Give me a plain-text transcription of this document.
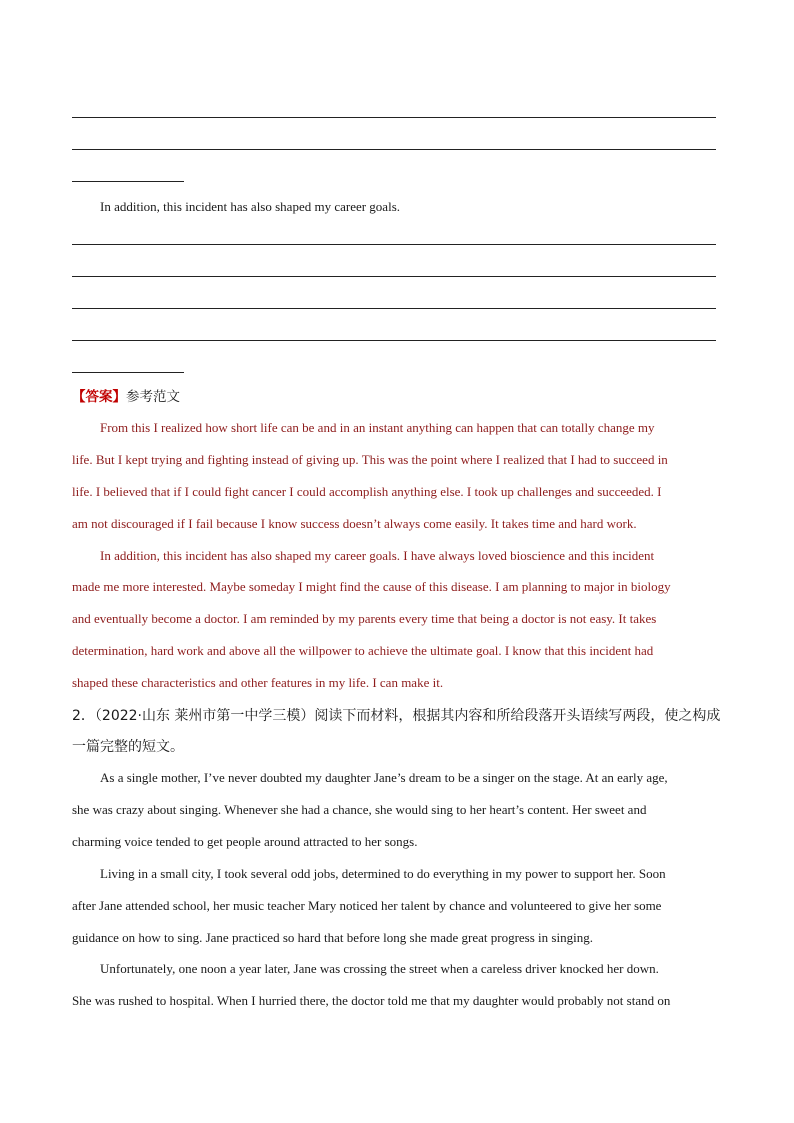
In addition, this incident has also shaped my career goals.
【答案】参考范文
From this I realized how short life can be and in an instant anything can happen that can totally change my
life. But I kept trying and fighting instead of giving up. This was the point where I realized that I had to succeed in
life. I believed that if I could fight cancer I could accomplish anything else. I took up challenges and succeeded. I
am not discouraged if I fail because I know success doesn’t always come easily. It takes time and hard work.
In addition, this incident has also shaped my career goals. I have always loved bioscience and this incident
made me more interested. Maybe someday I might find the cause of this disease. I am planning to major in biology
and eventually become a doctor. I am reminded by my parents every time that being a doctor is not easy. It takes
determination, hard work and above all the willpower to achieve the ultimate goal. I know that this incident had
shaped these characteristics and other features in my life. I can make it.
2．（2022·山东 莱州市第一中学三模）阅读下而材料，根据其内容和所给段落开头语续写两段，使之构成
一篇完整的短文。
As a single mother, I’ve never doubted my daughter Jane’s dream to be a singer on the stage. At an early age,
she was crazy about singing. Whenever she had a chance, she would sing to her heart’s content. Her sweet and
charming voice tended to get people around attracted to her songs.
Living in a small city, I took several odd jobs, determined to do everything in my power to support her. Soon
after Jane attended school, her music teacher Mary noticed her talent by chance and volunteered to give her some
guidance on how to sing. Jane practiced so hard that before long she made great progress in singing.
Unfortunately, one noon a year later, Jane was crossing the street when a careless driver knocked her down.
She was rushed to hospital. When I hurried there, the doctor told me that my daughter would probably not stand on
